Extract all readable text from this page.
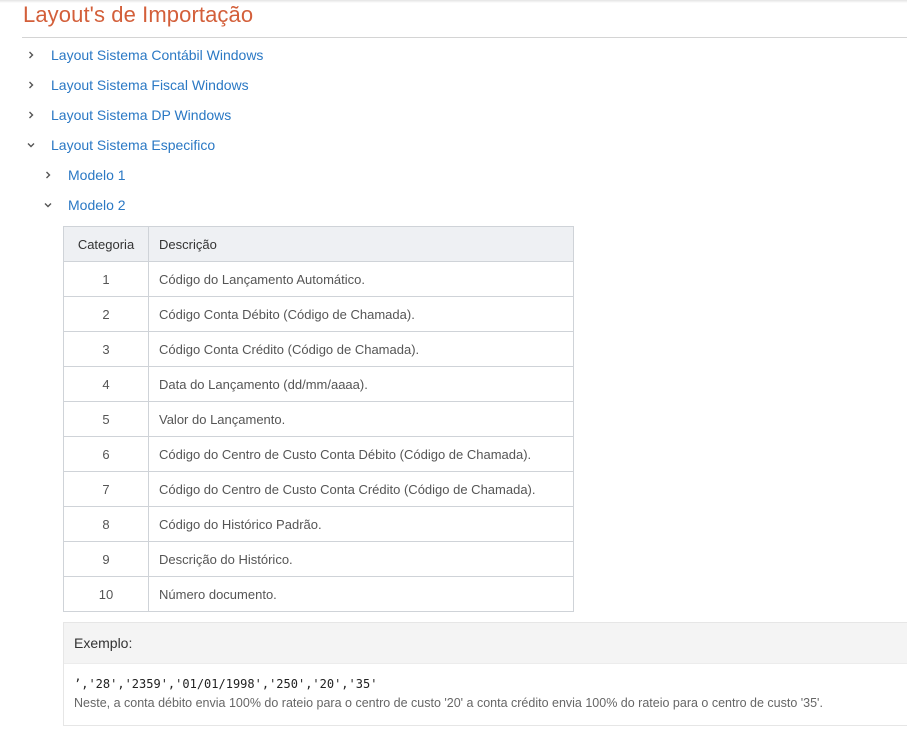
Layout's de Importação
Layout Sistema Contábil Windows
Layout Sistema Fiscal Windows
Layout Sistema DP Windows
Layout Sistema Especifico
Modelo 1
Modelo 2
Categoria	Descrição
1	Código do Lançamento Automático.
2	Código Conta Débito (Código de Chamada).
3	Código Conta Crédito (Código de Chamada).
4	Data do Lançamento (dd/mm/aaaa).
5	Valor do Lançamento.
6	Código do Centro de Custo Conta Débito (Código de Chamada).
7	Código do Centro de Custo Conta Crédito (Código de Chamada).
8	Código do Histórico Padrão.
9	Descrição do Histórico.
10	Número documento.
Exemplo:
’,'28','2359','01/01/1998','250','20','35'
Neste, a conta débito envia 100% do rateio para o centro de custo '20' a conta crédito envia 100% do rateio para o centro de custo '35'.
